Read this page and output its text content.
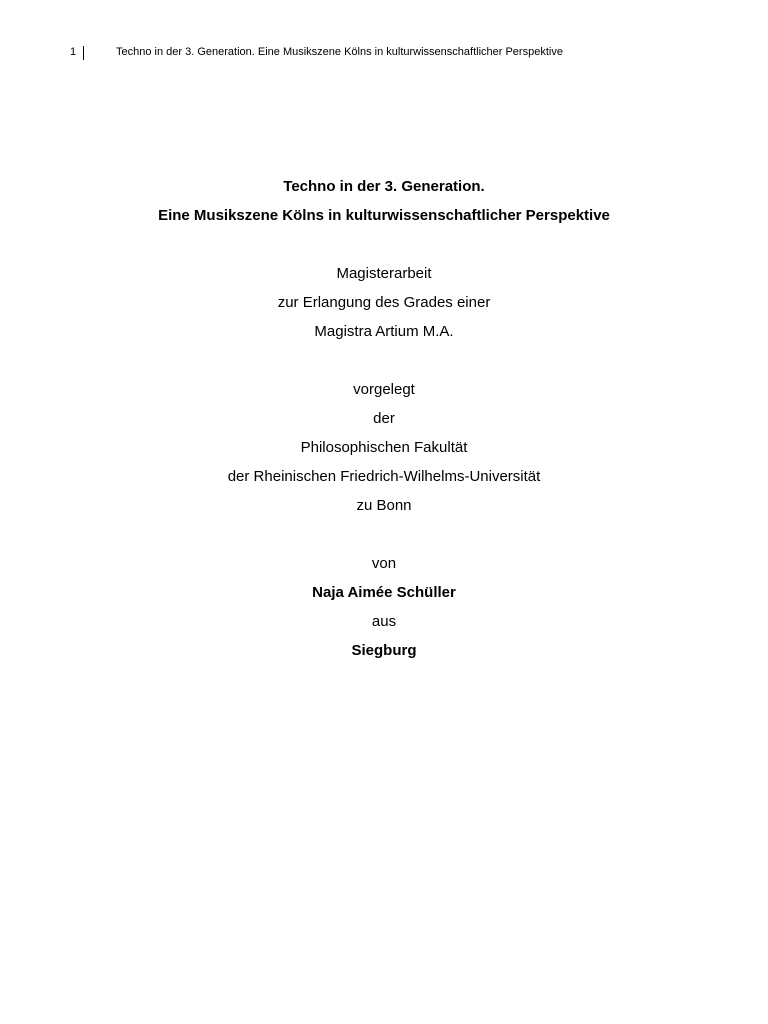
1	Techno in der 3. Generation. Eine Musikszene Kölns in kulturwissenschaftlicher Perspektive
Techno in der 3. Generation.
Eine Musikszene Kölns in kulturwissenschaftlicher Perspektive
Magisterarbeit
zur Erlangung des Grades einer
Magistra Artium M.A.
vorgelegt
der
Philosophischen Fakultät
der Rheinischen Friedrich-Wilhelms-Universität
zu Bonn
von
Naja Aimée Schüller
aus
Siegburg
